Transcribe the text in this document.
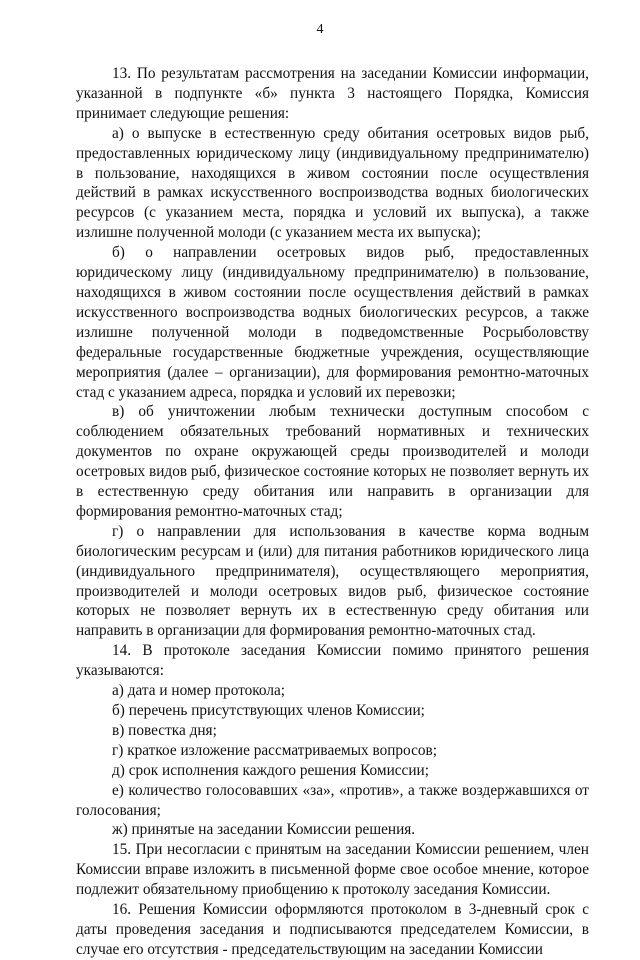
4

13. По результатам рассмотрения на заседании Комиссии информации, указанной в подпункте «б» пункта 3 настоящего Порядка, Комиссия принимает следующие решения:

а) о выпуске в естественную среду обитания осетровых видов рыб, предоставленных юридическому лицу (индивидуальному предпринимателю) в пользование, находящихся в живом состоянии после осуществления действий в рамках искусственного воспроизводства водных биологических ресурсов (с указанием места, порядка и условий их выпуска), а также излишне полученной молоди (с указанием места их выпуска);

б) о направлении осетровых видов рыб, предоставленных юридическому лицу (индивидуальному предпринимателю) в пользование, находящихся в живом состоянии после осуществления действий в рамках искусственного воспроизводства водных биологических ресурсов, а также излишне полученной молоди в подведомственные Росрыболовству федеральные государственные бюджетные учреждения, осуществляющие мероприятия (далее – организации), для формирования ремонтно-маточных стад с указанием адреса, порядка и условий их перевозки;

в) об уничтожении любым технически доступным способом с соблюдением обязательных требований нормативных и технических документов по охране окружающей среды производителей и молоди осетровых видов рыб, физическое состояние которых не позволяет вернуть их в естественную среду обитания или направить в организации для формирования ремонтно-маточных стад;

г) о направлении для использования в качестве корма водным биологическим ресурсам и (или) для питания работников юридического лица (индивидуального предпринимателя), осуществляющего мероприятия, производителей и молоди осетровых видов рыб, физическое состояние которых не позволяет вернуть их в естественную среду обитания или направить в организации для формирования ремонтно-маточных стад.

14. В протоколе заседания Комиссии помимо принятого решения указываются:

а) дата и номер протокола;

б) перечень присутствующих членов Комиссии;

в) повестка дня;

г) краткое изложение рассматриваемых вопросов;

д) срок исполнения каждого решения Комиссии;

е) количество голосовавших «за», «против», а также воздержавшихся от голосования;

ж) принятые на заседании Комиссии решения.

15. При несогласии с принятым на заседании Комиссии решением, член Комиссии вправе изложить в письменной форме свое особое мнение, которое подлежит обязательному приобщению к протоколу заседания Комиссии.

16. Решения Комиссии оформляются протоколом в 3-дневный срок с даты проведения заседания и подписываются председателем Комиссии, в случае его отсутствия - председательствующим на заседании Комиссии
